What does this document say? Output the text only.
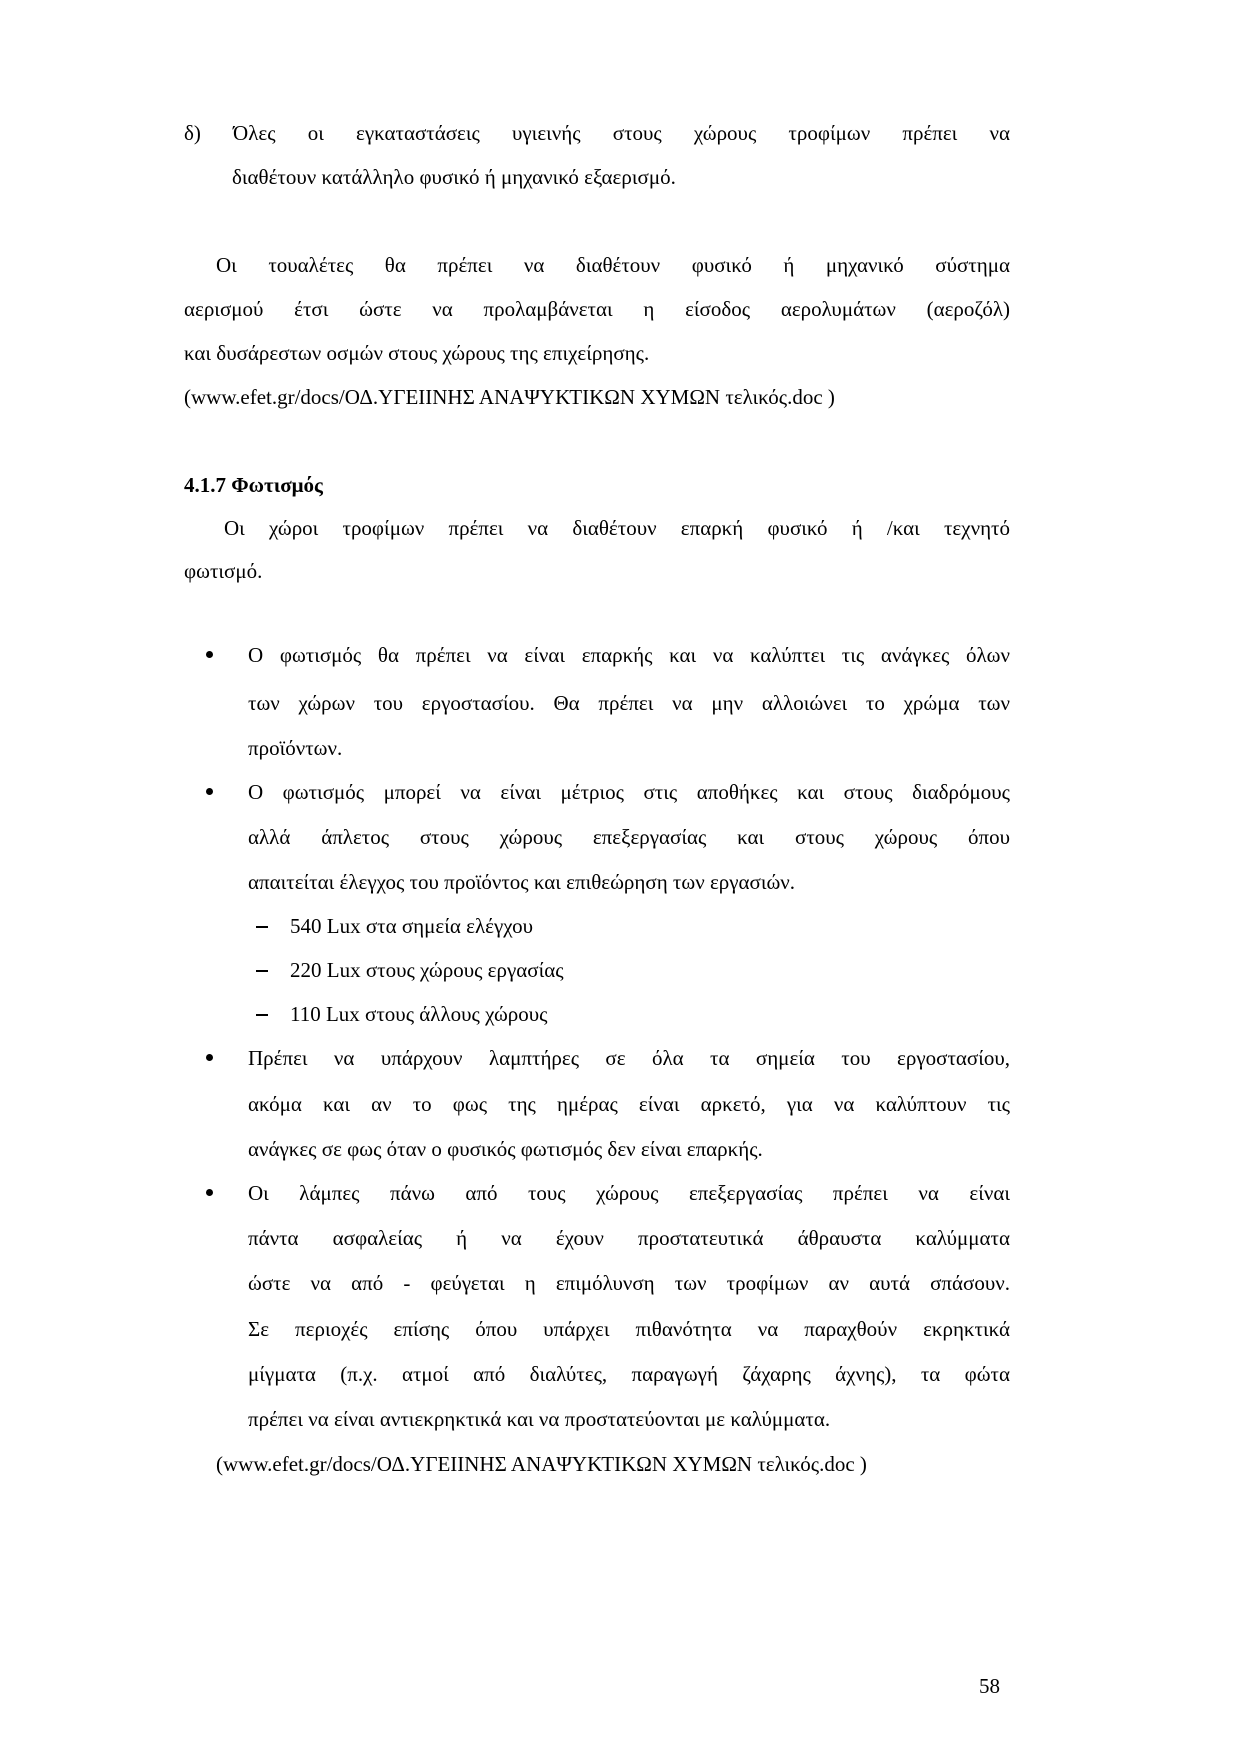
δ) Όλες οι εγκαταστάσεις υγιεινής στους χώρους τροφίμων πρέπει να
διαθέτουν κατάλληλο φυσικό ή μηχανικό εξαερισμό.
Οι τουαλέτες θα πρέπει να διαθέτουν φυσικό ή μηχανικό σύστημα
αερισμού έτσι ώστε να προλαμβάνεται η είσοδος αερολυμάτων (αεροζόλ)
και δυσάρεστων οσμών στους χώρους της επιχείρησης.
(www.efet.gr/docs/ΟΔ.ΥΓΕΙΙΝΗΣ ΑΝΑΨΥΚΤΙΚΩΝ ΧΥΜΩΝ τελικός.doc )
4.1.7 Φωτισμός
Οι χώροι τροφίμων πρέπει να διαθέτουν επαρκή φυσικό ή /και τεχνητό
φωτισμό.
Ο φωτισμός θα πρέπει να είναι επαρκής και να καλύπτει τις ανάγκες όλων
των χώρων του εργοστασίου. Θα πρέπει να μην αλλοιώνει το χρώμα των
προϊόντων.
Ο φωτισμός μπορεί να είναι μέτριος στις αποθήκες και στους διαδρόμους
αλλά άπλετος στους χώρους επεξεργασίας και στους χώρους όπου
απαιτείται έλεγχος του προϊόντος και επιθεώρηση των εργασιών.
540 Lux στα σημεία ελέγχου
220 Lux στους χώρους εργασίας
110 Lux στους άλλους χώρους
Πρέπει να υπάρχουν λαμπτήρες σε όλα τα σημεία του εργοστασίου,
ακόμα και αν το φως της ημέρας είναι αρκετό, για να καλύπτουν τις
ανάγκες σε φως όταν ο φυσικός φωτισμός δεν είναι επαρκής.
Οι λάμπες πάνω από τους χώρους επεξεργασίας πρέπει να είναι
πάντα ασφαλείας ή να έχουν προστατευτικά άθραυστα καλύμματα
ώστε να από - φεύγεται η επιμόλυνση των τροφίμων αν αυτά σπάσουν.
Σε περιοχές επίσης όπου υπάρχει πιθανότητα να παραχθούν εκρηκτικά
μίγματα (π.χ. ατμοί από διαλύτες, παραγωγή ζάχαρης άχνης), τα φώτα
πρέπει να είναι αντιεκρηκτικά και να προστατεύονται με καλύμματα.
(www.efet.gr/docs/ΟΔ.ΥΓΕΙΙΝΗΣ ΑΝΑΨΥΚΤΙΚΩΝ ΧΥΜΩΝ τελικός.doc )
58
